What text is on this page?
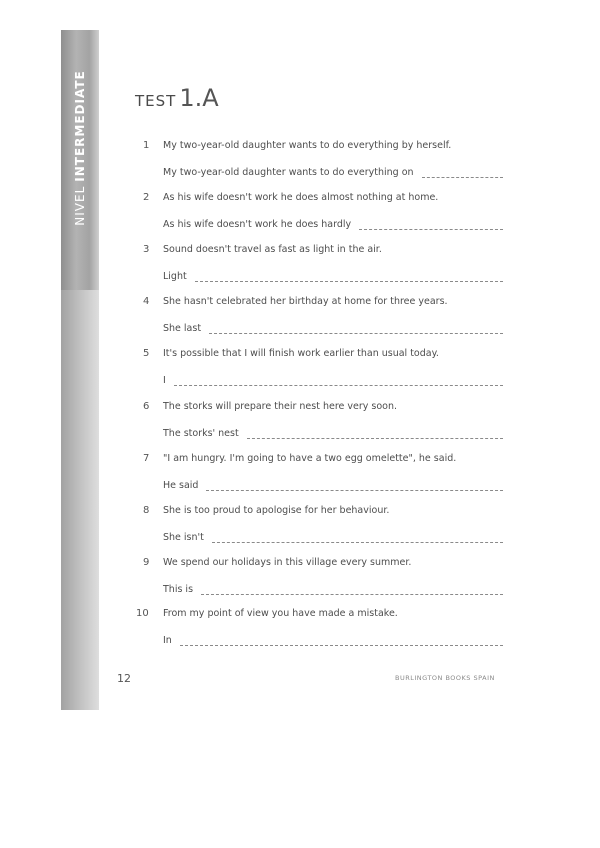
NIVELINTERMEDIATE	TEST 1.A
1	My two-year-old daughter wants to do everything by herself.
My two-year-old daughter wants to do everything on
2	As his wife doesn't work he does almost nothing at home.
As his wife doesn't work he does hardly
3	Sound doesn't travel as fast as light in the air.
Light
4	She hasn't celebrated her birthday at home for three years.
She last
5	It's possible that I will finish work earlier than usual today.
I
6	The storks will prepare their nest here very soon.
The storks' nest
7	"I am hungry. I'm going to have a two egg omelette", he said.
He said
8	She is too proud to apologise for her behaviour.
She isn't
9	We spend our holidays in this village every summer.
This is
10	From my point of view you have made a mistake.
In
12	BURLINGTON BOOKS SPAIN
